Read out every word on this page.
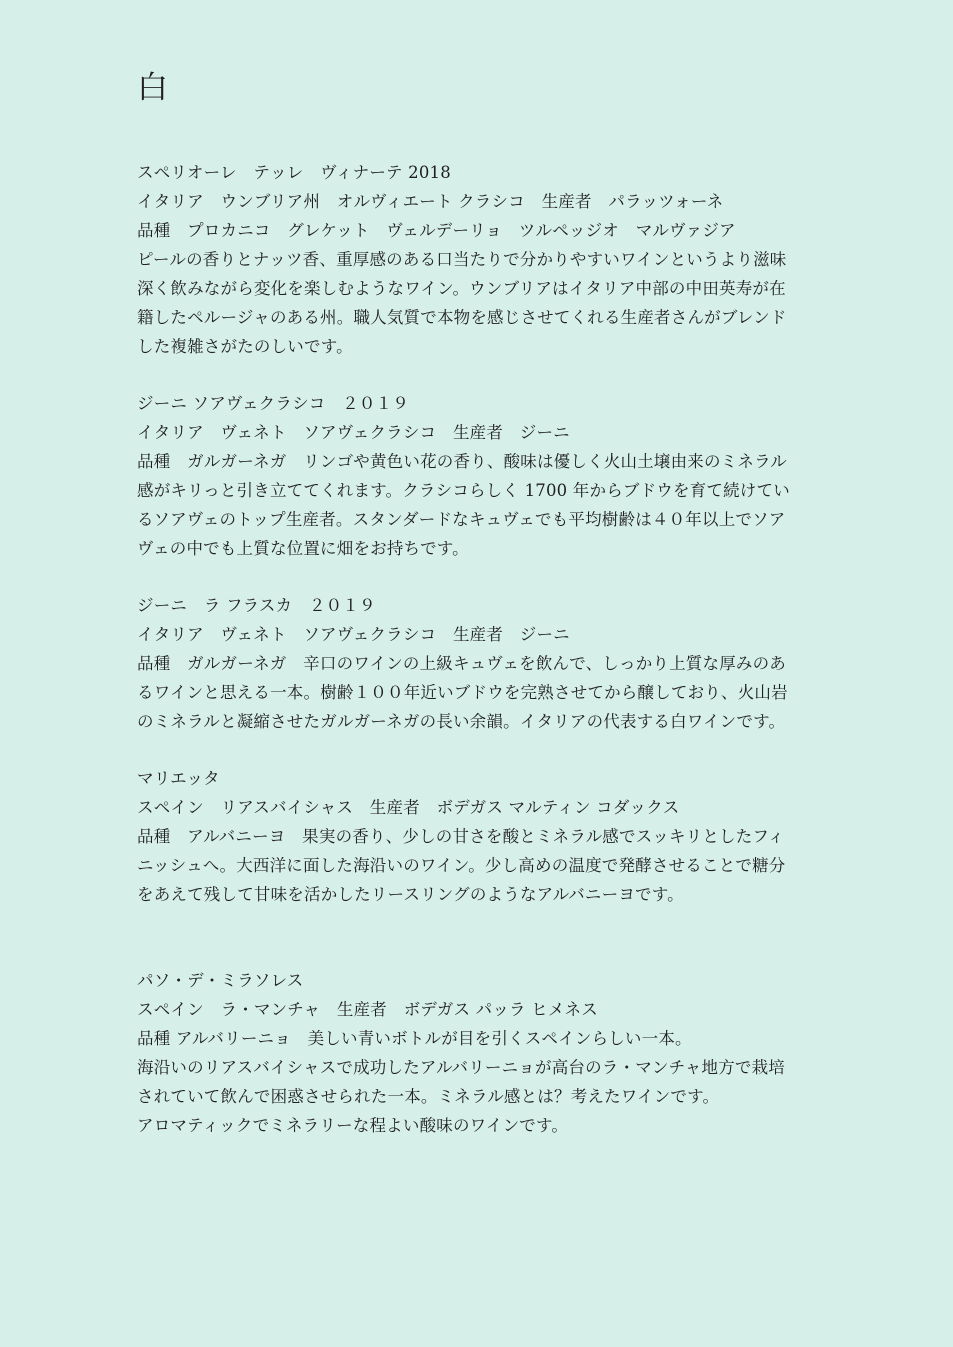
白
スペリオーレ　テッレ　ヴィナーテ 2018
イタリア　ウンブリア州　オルヴィエート クラシコ　生産者　パラッツォーネ
品種　プロカニコ　グレケット　ヴェルデーリョ　ツルペッジオ　マルヴァジア
ピールの香りとナッツ香、重厚感のある口当たりで分かりやすいワインというより滋味
深く飲みながら変化を楽しむようなワイン。ウンブリアはイタリア中部の中田英寿が在
籍したペルージャのある州。職人気質で本物を感じさせてくれる生産者さんがブレンド
した複雑さがたのしいです。
ジーニ ソアヴェクラシコ　２０１９
イタリア　ヴェネト　ソアヴェクラシコ　生産者　ジーニ
品種　ガルガーネガ　リンゴや黄色い花の香り、酸味は優しく火山土壌由来のミネラル
感がキリっと引き立ててくれます。クラシコらしく 1700 年からブドウを育て続けてい
るソアヴェのトップ生産者。スタンダードなキュヴェでも平均樹齢は４０年以上でソア
ヴェの中でも上質な位置に畑をお持ちです。
ジーニ　ラ フラスカ　２０１９
イタリア　ヴェネト　ソアヴェクラシコ　生産者　ジーニ
品種　ガルガーネガ　辛口のワインの上級キュヴェを飲んで、しっかり上質な厚みのあ
るワインと思える一本。樹齢１００年近いブドウを完熟させてから醸しており、火山岩
のミネラルと凝縮させたガルガーネガの長い余韻。イタリアの代表する白ワインです。
マリエッタ
スペイン　リアスバイシャス　生産者　ボデガス マルティン コダックス
品種　アルバニーヨ　果実の香り、少しの甘さを酸とミネラル感でスッキリとしたフィ
ニッシュへ。大西洋に面した海沿いのワイン。少し高めの温度で発酵させることで糖分
をあえて残して甘味を活かしたリースリングのようなアルバニーヨです。
パソ・デ・ミラソレス
スペイン　ラ・マンチャ　生産者　ボデガス パッラ ヒメネス
品種 アルバリーニョ　美しい青いボトルが目を引くスペインらしい一本。
海沿いのリアスバイシャスで成功したアルバリーニョが高台のラ・マンチャ地方で栽培
されていて飲んで困惑させられた一本。ミネラル感とは？考えたワインです。
アロマティックでミネラリーな程よい酸味のワインです。
